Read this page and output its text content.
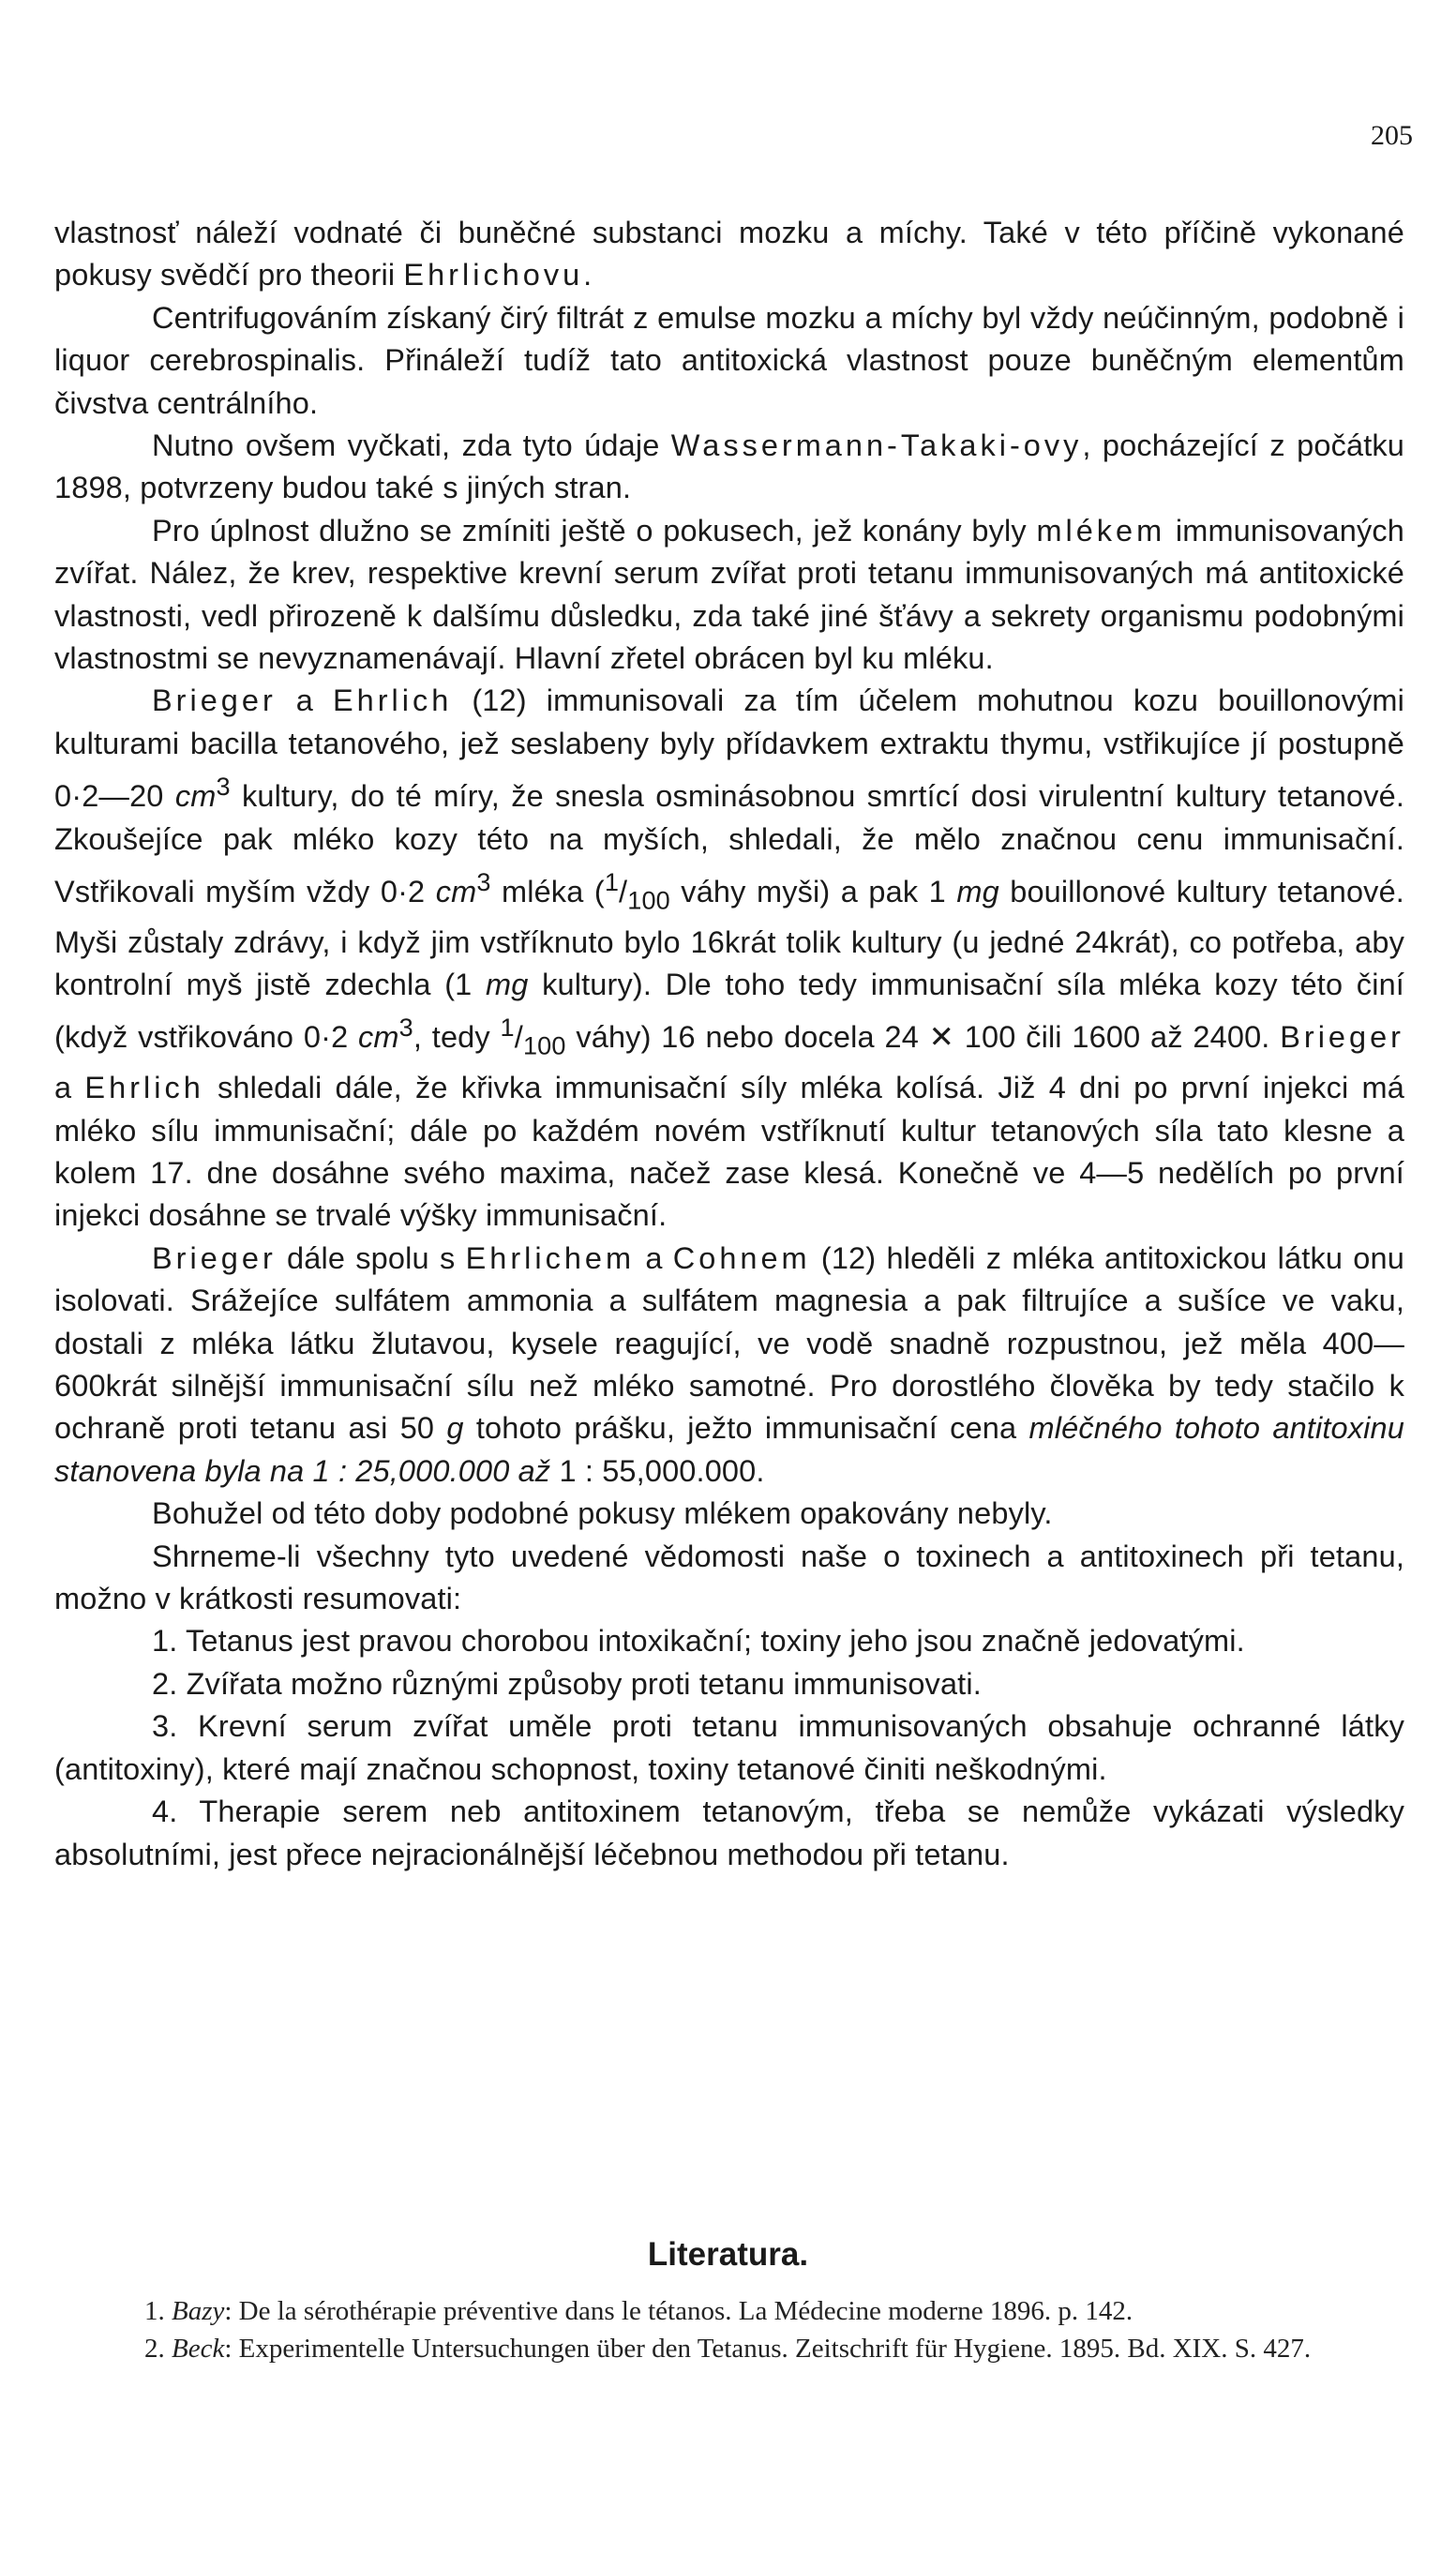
205

vlastnosť náleží vodnaté či buněčné substanci mozku a míchy. Také v této příčině vykonané pokusy svědčí pro theorii Ehrlichovu.

Centrifugováním získaný čirý filtrát z emulse mozku a míchy byl vždy neúčinným, podobně i liquor cerebrospinalis. Přináleží tudíž tato antitoxická vlastnost pouze buněčným elementům čivstva centrálního.

Nutno ovšem vyčkati, zda tyto údaje Wassermann-Takaki-ovy, pocházející z počátku 1898, potvrzeny budou také s jiných stran.

Pro úplnost dlužno se zmíniti ještě o pokusech, jež konány byly mlékem immunisovaných zvířat. Nález, že krev, respektive krevní serum zvířat proti tetanu immunisovaných má antitoxické vlastnosti, vedl přirozeně k dalšímu důsledku, zda také jiné šťávy a sekrety organismu podobnými vlastnostmi se nevyznamenávají. Hlavní zřetel obrácen byl ku mléku.

Brieger a Ehrlich (12) immunisovali za tím účelem mohutnou kozu bouillonovými kulturami bacilla tetanového, jež seslabeny byly přídavkem extraktu thymu, vstřikujíce jí postupně 0·2—20 $cm^3$ kultury, do té míry, že snesla osminásobnou smrtící dosi virulentní kultury tetanové. Zkoušejíce pak mléko kozy této na myších, shledali, že mělo značnou cenu immunisační. Vstřikovali myším vždy 0·2 $cm^3$ mléka ($^1/_{100}$ váhy myši) a pak 1 mg bouillonové kultury tetanové. Myši zůstaly zdrávy, i když jim vstříknuto bylo 16krát tolik kultury (u jedné 24krát), co potřeba, aby kontrolní myš jistě zdechla (1 mg kultury). Dle toho tedy immunisační síla mléka kozy této činí (když vstřikováno 0·2 $cm^3$, tedy $^1/_{100}$ váhy) 16 nebo docela 24 ✕ 100 čili 1600 až 2400. Brieger a Ehrlich shledali dále, že křivka immunisační síly mléka kolísá. Již 4 dni po první injekci má mléko sílu immunisační; dále po každém novém vstříknutí kultur tetanových síla tato klesne a kolem 17. dne dosáhne svého maxima, načež zase klesá. Konečně ve 4—5 nedělích po první injekci dosáhne se trvalé výšky immunisační.

Brieger dále spolu s Ehrlichem a Cohnem (12) hleděli z mléka antitoxickou látku onu isolovati. Srážejíce sulfátem ammonia a sulfátem magnesia a pak filtrujíce a sušíce ve vaku, dostali z mléka látku žlutavou, kysele reagující, ve vodě snadně rozpustnou, jež měla 400—600krát silnější immunisační sílu než mléko samotné. Pro dorostlého člověka by tedy stačilo k ochraně proti tetanu asi 50 g tohoto prášku, ježto immunisační cena mléčného tohoto antitoxinu stanovena byla na 1 : 25,000.000 až 1 : 55,000.000.

Bohužel od této doby podobné pokusy mlékem opakovány nebyly.

Shrneme-li všechny tyto uvedené vědomosti naše o toxinech a antitoxinech při tetanu, možno v krátkosti resumovati:

1. Tetanus jest pravou chorobou intoxikační; toxiny jeho jsou značně jedovatými.

2. Zvířata možno různými způsoby proti tetanu immunisovati.

3. Krevní serum zvířat uměle proti tetanu immunisovaných obsahuje ochranné látky (antitoxiny), které mají značnou schopnost, toxiny tetanové činiti neškodnými.

4. Therapie serem neb antitoxinem tetanovým, třeba se nemůže vykázati výsledky absolutními, jest přece nejracionálnější léčebnou methodou při tetanu.

Literatura.

1. Bazy: De la sérothérapie préventive dans le tétanos. La Médecine moderne 1896. p. 142.

2. Beck: Experimentelle Untersuchungen über den Tetanus. Zeitschrift für Hygiene. 1895. Bd. XIX. S. 427.
